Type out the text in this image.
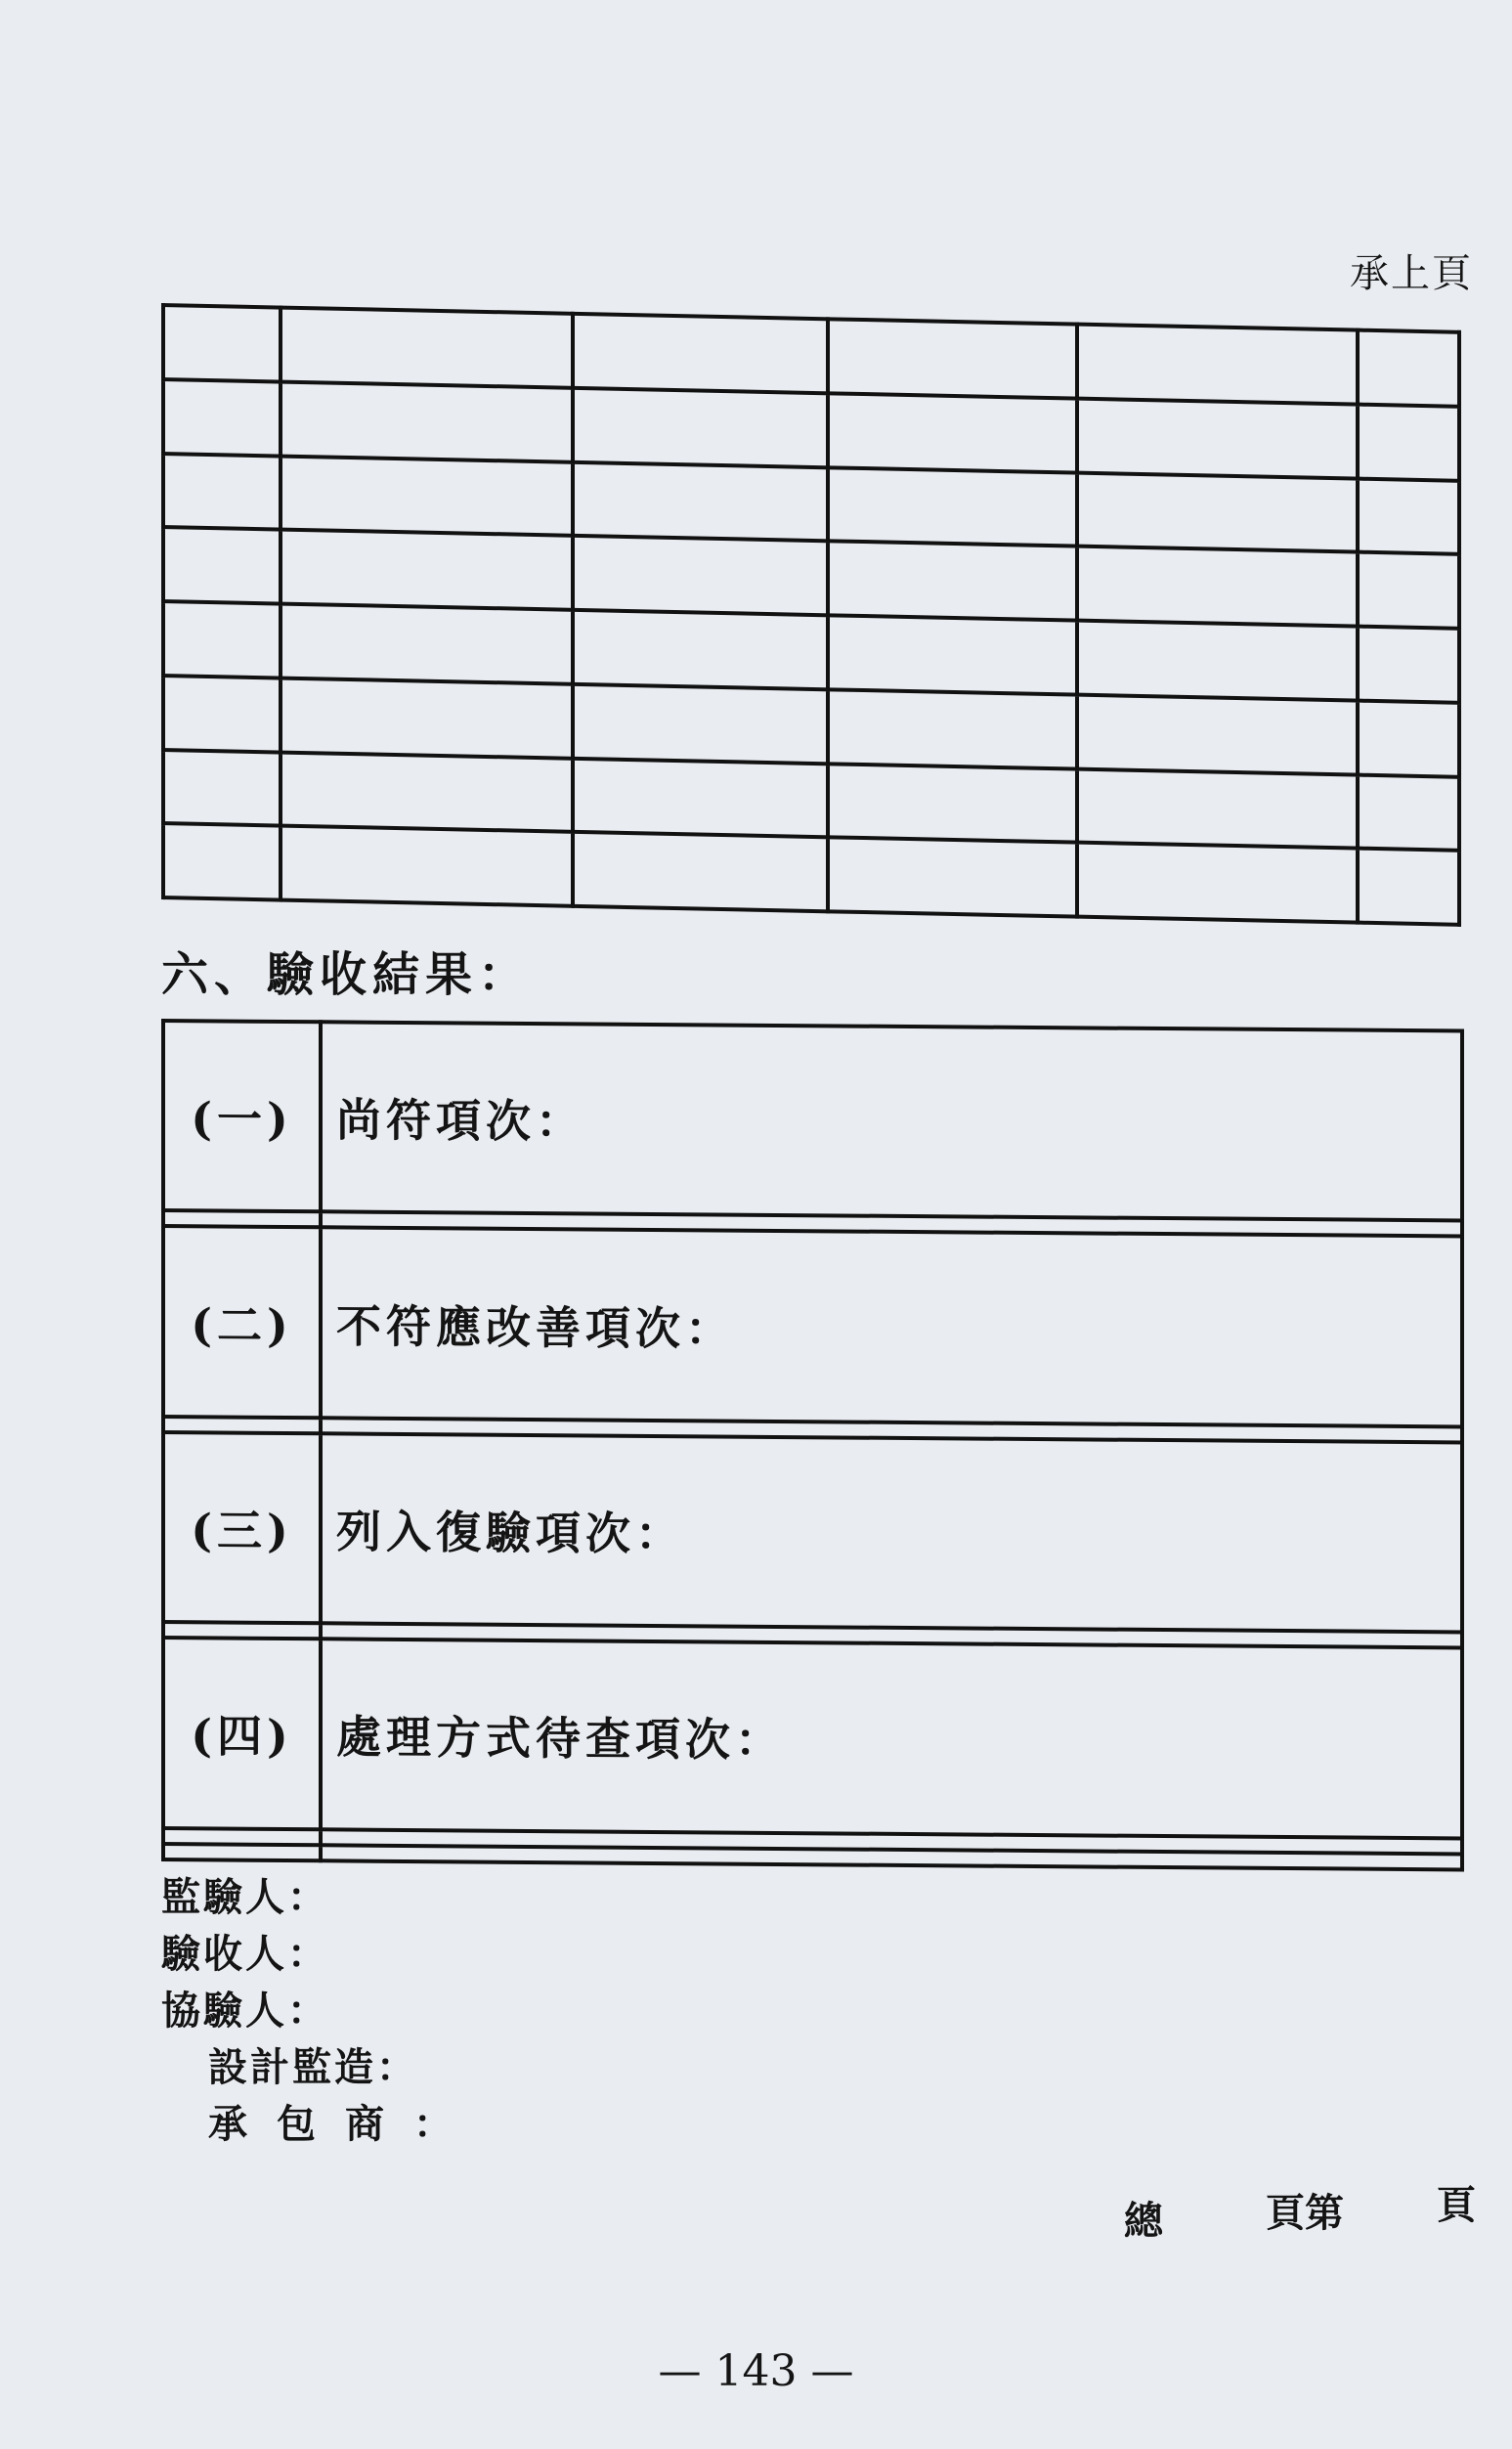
承上頁

六、驗收結果：
(一)	尚符項次：

(二)	不符應改善項次：

(三)	列入復驗項次：

(四)	處理方式待查項次：

監驗人：
驗收人：
協驗人：
設計監造：
承包商：
總	頁第 頁
— 143 —
